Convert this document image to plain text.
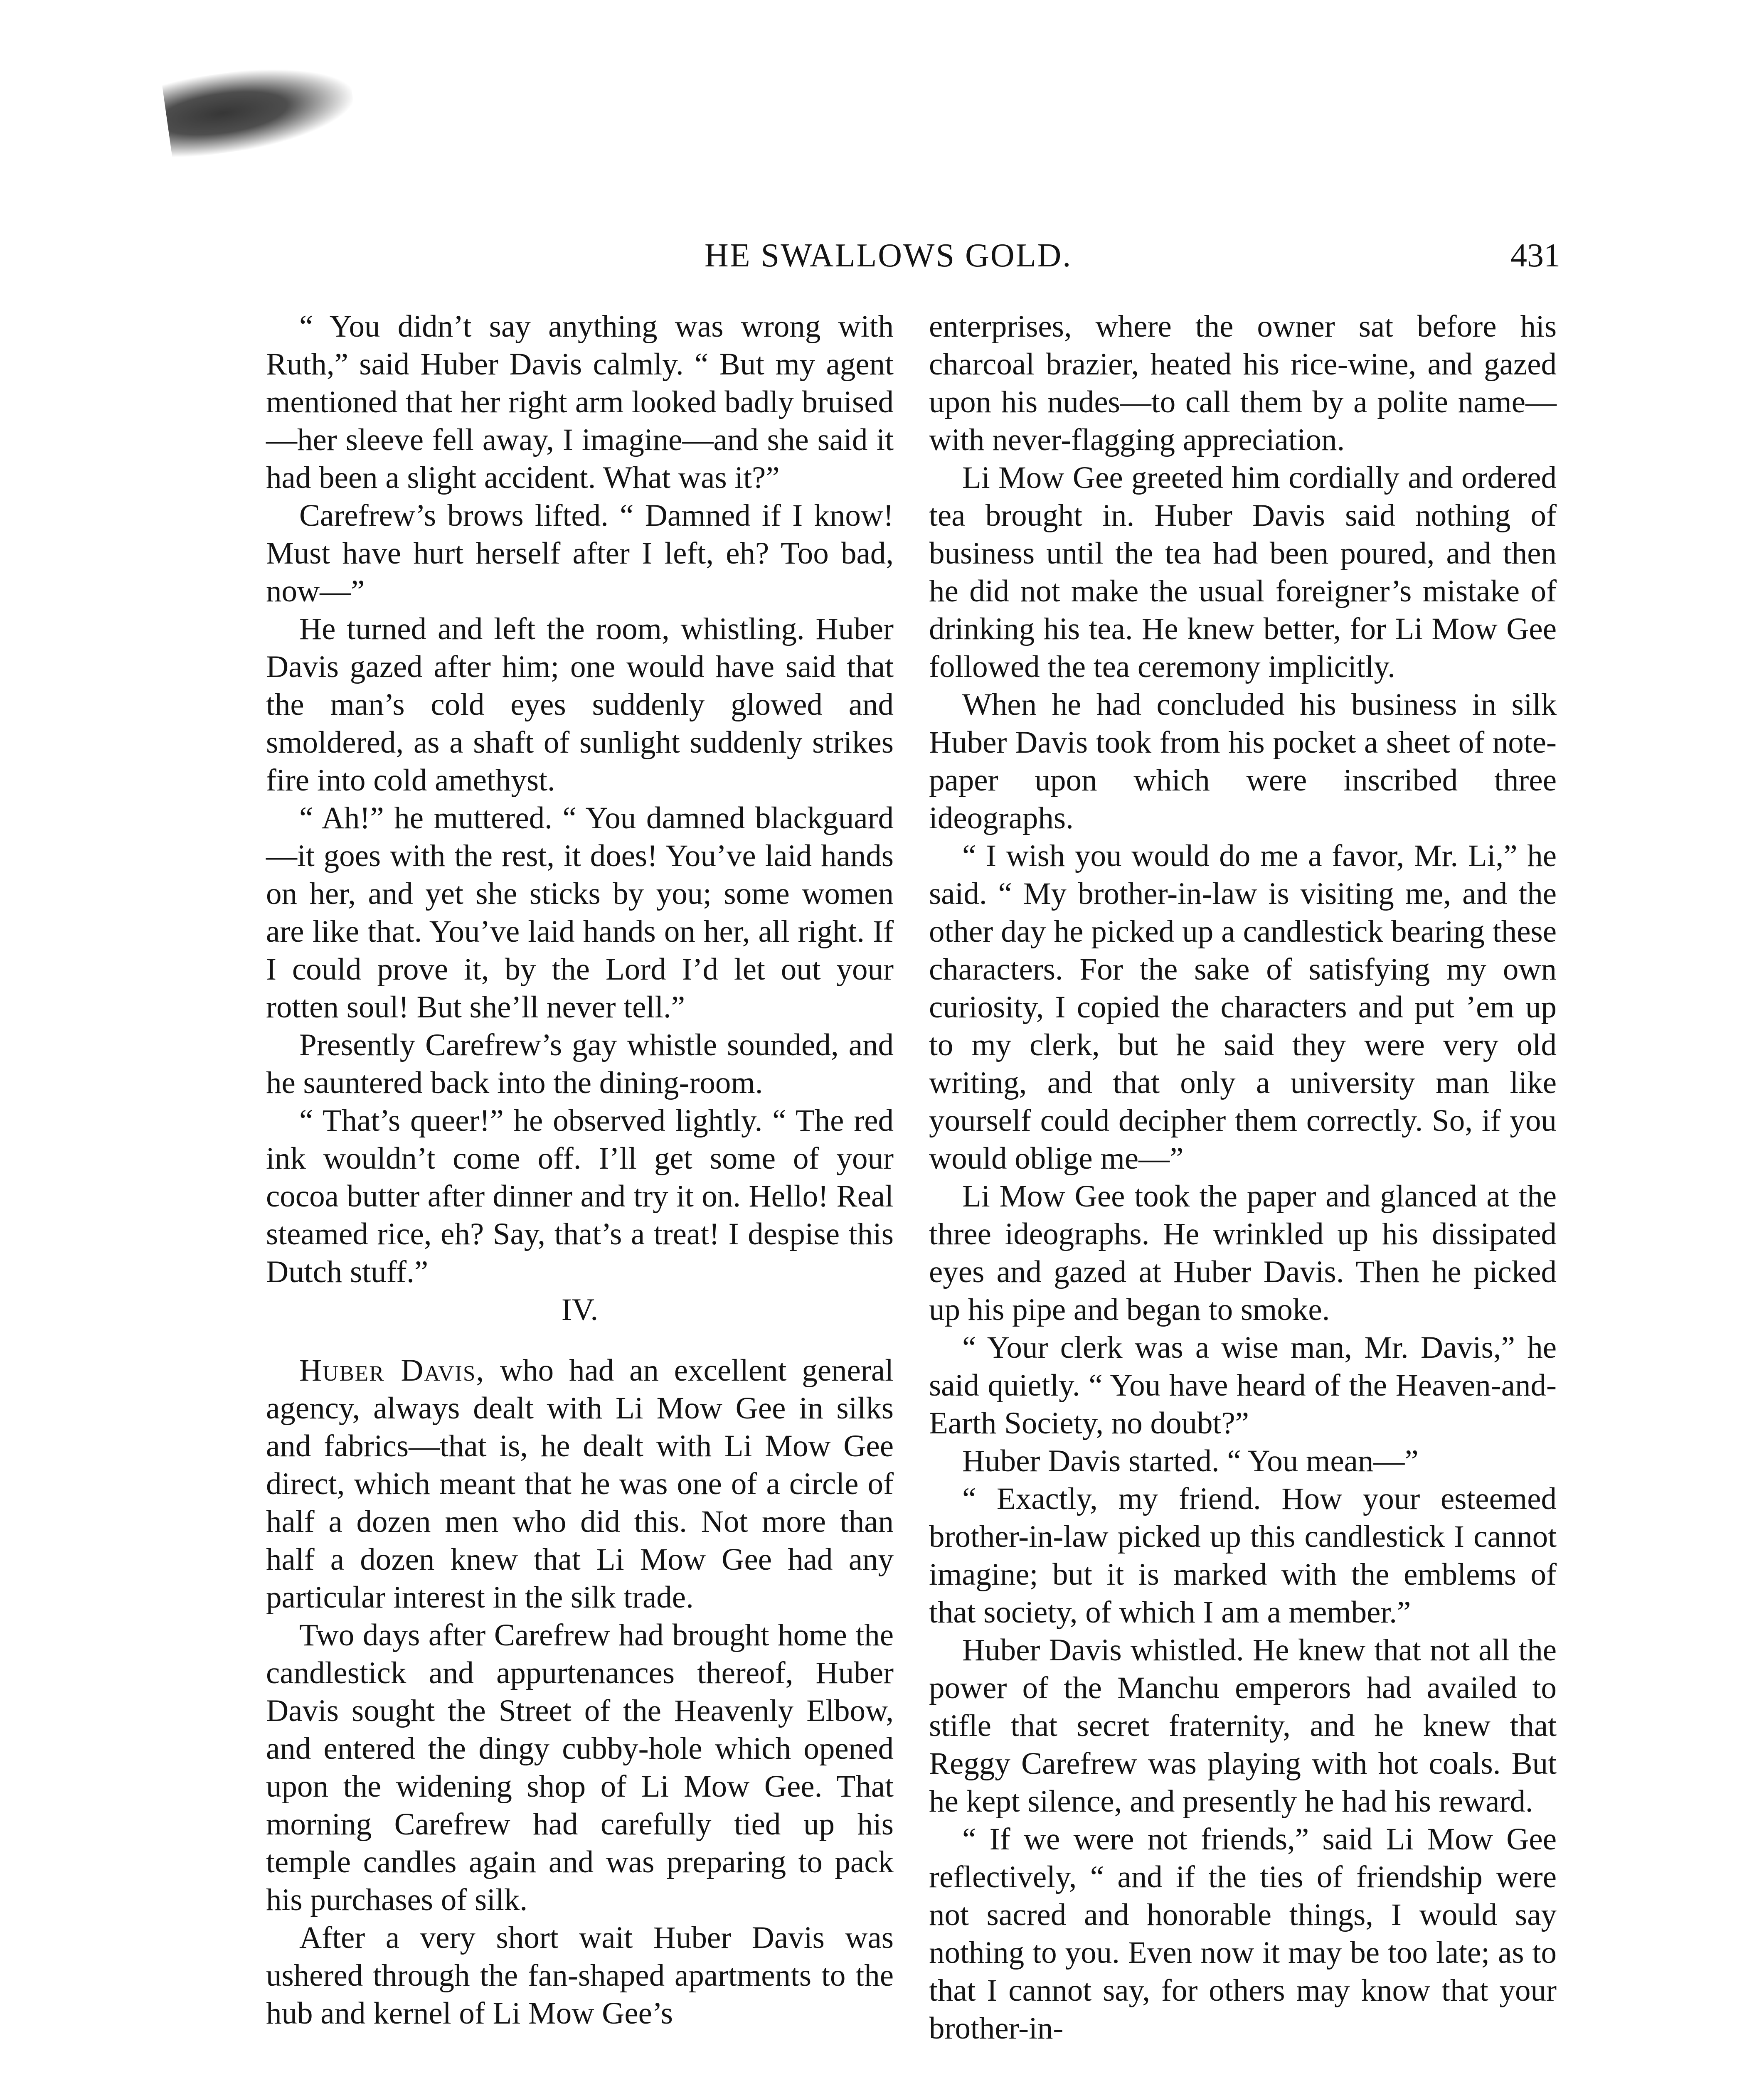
HE SWALLOWS GOLD.	431

“ You didn’t say anything was wrong with Ruth,” said Huber Davis calmly. “ But my agent mentioned that her right arm looked badly bruised—her sleeve fell away, I imagine—and she said it had been a slight accident. What was it?”

Carefrew’s brows lifted. “ Damned if I know! Must have hurt herself after I left, eh? Too bad, now—”

He turned and left the room, whistling. Huber Davis gazed after him; one would have said that the man’s cold eyes suddenly glowed and smoldered, as a shaft of sunlight suddenly strikes fire into cold amethyst.

“ Ah!” he muttered. “ You damned blackguard—it goes with the rest, it does! You’ve laid hands on her, and yet she sticks by you; some women are like that. You’ve laid hands on her, all right. If I could prove it, by the Lord I’d let out your rotten soul! But she’ll never tell.”

Presently Carefrew’s gay whistle sounded, and he sauntered back into the dining-room.

“ That’s queer!” he observed lightly. “ The red ink wouldn’t come off. I’ll get some of your cocoa butter after dinner and try it on. Hello! Real steamed rice, eh? Say, that’s a treat! I despise this Dutch stuff.”

IV.

Huber Davis, who had an excellent general agency, always dealt with Li Mow Gee in silks and fabrics—that is, he dealt with Li Mow Gee direct, which meant that he was one of a circle of half a dozen men who did this. Not more than half a dozen knew that Li Mow Gee had any particular interest in the silk trade.

Two days after Carefrew had brought home the candlestick and appurtenances thereof, Huber Davis sought the Street of the Heavenly Elbow, and entered the dingy cubby-hole which opened upon the widening shop of Li Mow Gee. That morning Carefrew had carefully tied up his temple candles again and was preparing to pack his purchases of silk.

After a very short wait Huber Davis was ushered through the fan-shaped apartments to the hub and kernel of Li Mow Gee’s

enterprises, where the owner sat before his charcoal brazier, heated his rice-wine, and gazed upon his nudes—to call them by a polite name—with never-flagging appreciation.

Li Mow Gee greeted him cordially and ordered tea brought in. Huber Davis said nothing of business until the tea had been poured, and then he did not make the usual foreigner’s mistake of drinking his tea. He knew better, for Li Mow Gee followed the tea ceremony implicitly.

When he had concluded his business in silk Huber Davis took from his pocket a sheet of note-paper upon which were inscribed three ideographs.

“ I wish you would do me a favor, Mr. Li,” he said. “ My brother-in-law is visiting me, and the other day he picked up a candlestick bearing these characters. For the sake of satisfying my own curiosity, I copied the characters and put ’em up to my clerk, but he said they were very old writing, and that only a university man like yourself could decipher them correctly. So, if you would oblige me—”

Li Mow Gee took the paper and glanced at the three ideographs. He wrinkled up his dissipated eyes and gazed at Huber Davis. Then he picked up his pipe and began to smoke.

“ Your clerk was a wise man, Mr. Davis,” he said quietly. “ You have heard of the Heaven-and-Earth Society, no doubt?”

Huber Davis started. “ You mean—”

“ Exactly, my friend. How your esteemed brother-in-law picked up this candlestick I cannot imagine; but it is marked with the emblems of that society, of which I am a member.”

Huber Davis whistled. He knew that not all the power of the Manchu emperors had availed to stifle that secret fraternity, and he knew that Reggy Carefrew was playing with hot coals. But he kept silence, and presently he had his reward.

“ If we were not friends,” said Li Mow Gee reflectively, “ and if the ties of friendship were not sacred and honorable things, I would say nothing to you. Even now it may be too late; as to that I cannot say, for others may know that your brother-in-
